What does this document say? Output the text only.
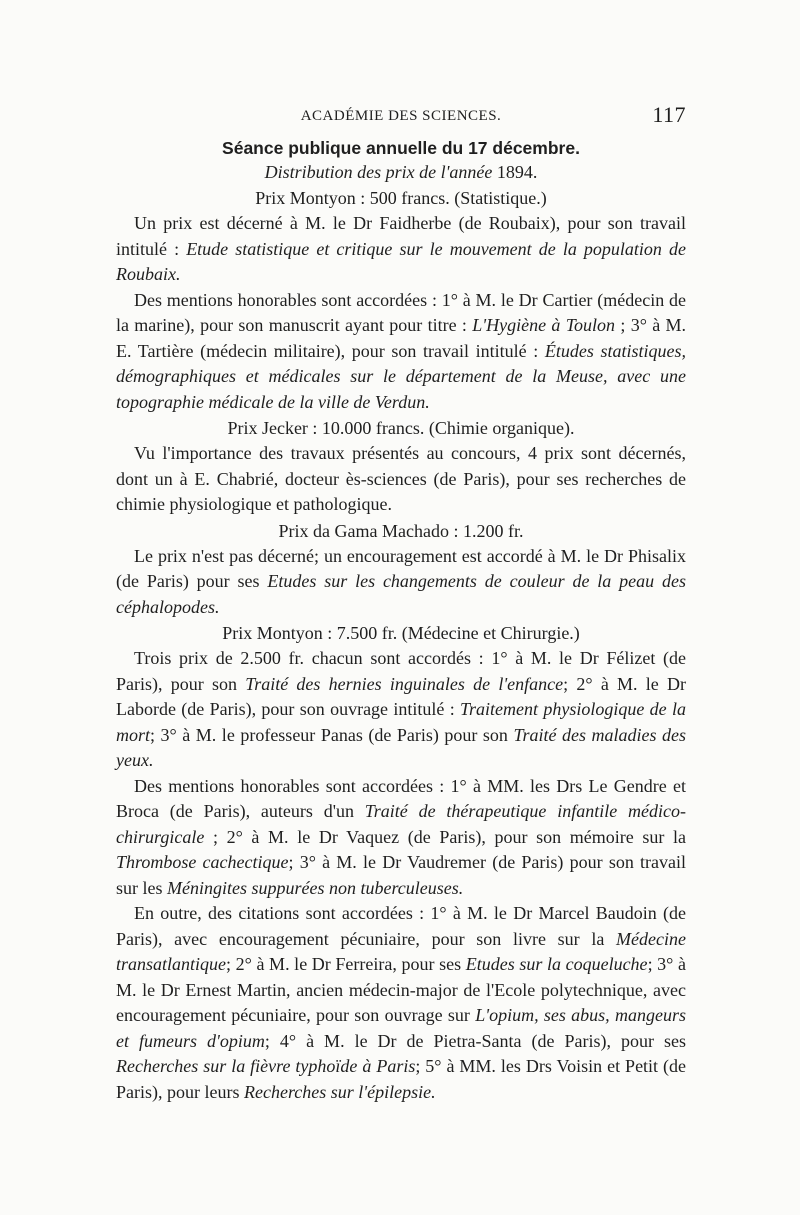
ACADÉMIE DES SCIENCES.	117
Séance publique annuelle du 17 décembre.
Distribution des prix de l'année 1894.
Prix Montyon : 500 francs. (Statistique.)

Un prix est décerné à M. le Dr Faidherbe (de Roubaix), pour son travail intitulé : Etude statistique et critique sur le mouvement de la population de Roubaix.

Des mentions honorables sont accordées : 1° à M. le Dr Cartier (médecin de la marine), pour son manuscrit ayant pour titre : L'Hygiène à Toulon ; 3° à M. E. Tartière (médecin militaire), pour son travail intitulé : Études statistiques, démographiques et médicales sur le département de la Meuse, avec une topographie médicale de la ville de Verdun.

Prix Jecker : 10.000 francs. (Chimie organique).

Vu l'importance des travaux présentés au concours, 4 prix sont décernés, dont un à E. Chabrié, docteur ès-sciences (de Paris), pour ses recherches de chimie physiologique et pathologique.

Prix da Gama Machado : 1.200 fr.

Le prix n'est pas décerné; un encouragement est accordé à M. le Dr Phisalix (de Paris) pour ses Etudes sur les changements de couleur de la peau des céphalopodes.

Prix Montyon : 7.500 fr. (Médecine et Chirurgie.)

Trois prix de 2.500 fr. chacun sont accordés : 1° à M. le Dr Félizet (de Paris), pour son Traité des hernies inguinales de l'enfance; 2° à M. le Dr Laborde (de Paris), pour son ouvrage intitulé : Traitement physiologique de la mort; 3° à M. le professeur Panas (de Paris) pour son Traité des maladies des yeux.

Des mentions honorables sont accordées : 1° à MM. les Drs Le Gendre et Broca (de Paris), auteurs d'un Traité de thérapeutique infantile médico-chirurgicale ; 2° à M. le Dr Vaquez (de Paris), pour son mémoire sur la Thrombose cachectique; 3° à M. le Dr Vaudremer (de Paris) pour son travail sur les Méningites suppurées non tuberculeuses.

En outre, des citations sont accordées : 1° à M. le Dr Marcel Baudoin (de Paris), avec encouragement pécuniaire, pour son livre sur la Médecine transatlantique; 2° à M. le Dr Ferreira, pour ses Etudes sur la coqueluche; 3° à M. le Dr Ernest Martin, ancien médecin-major de l'Ecole polytechnique, avec encouragement pécuniaire, pour son ouvrage sur L'opium, ses abus, mangeurs et fumeurs d'opium; 4° à M. le Dr de Pietra-Santa (de Paris), pour ses Recherches sur la fièvre typhoïde à Paris; 5° à MM. les Drs Voisin et Petit (de Paris), pour leurs Recherches sur l'épilepsie.
